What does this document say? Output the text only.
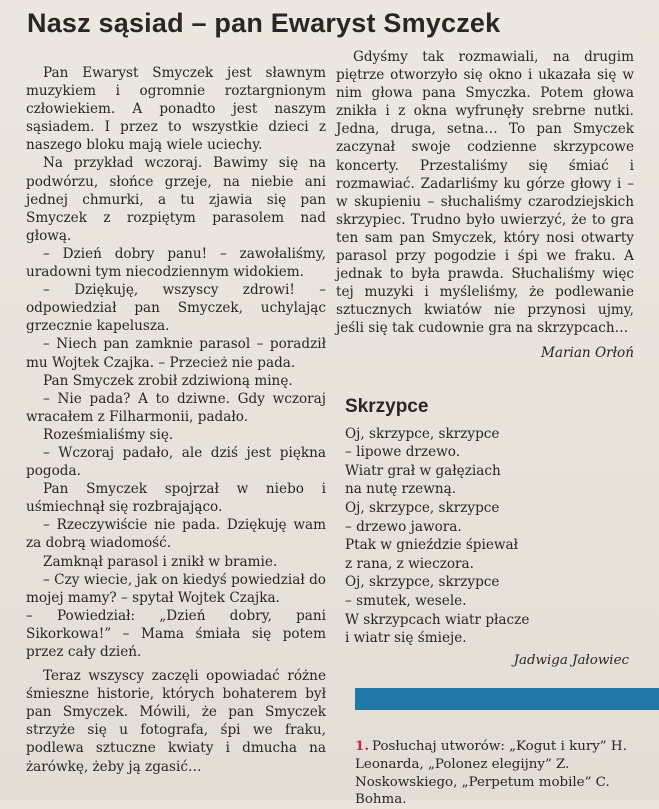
Nasz sąsiad – pan Ewaryst Smyczek

Pan Ewaryst Smyczek jest sławnym muzykiem i ogromnie roztargnionym człowiekiem. A ponadto jest naszym sąsiadem. I przez to wszystkie dzieci z naszego bloku mają wiele uciechy.

Na przykład wczoraj. Bawimy się na podwórzu, słońce grzeje, na niebie ani jednej chmurki, a tu zjawia się pan Smyczek z rozpiętym parasolem nad głową.

– Dzień dobry panu! – zawołaliśmy, uradowni tym niecodziennym widokiem.

– Dziękuję, wszyscy zdrowi! – odpowiedział pan Smyczek, uchylając grzecznie kapelusza.

– Niech pan zamknie parasol – poradził mu Wojtek Czajka. – Przecież nie pada.

Pan Smyczek zrobił zdziwioną minę.

– Nie pada? A to dziwne. Gdy wczoraj wracałem z Filharmonii, padało.

Roześmialiśmy się.

– Wczoraj padało, ale dziś jest piękna pogoda.

Pan Smyczek spojrzał w niebo i uśmiechnął się rozbrajająco.

– Rzeczywiście nie pada. Dziękuję wam za dobrą wiadomość.

Zamknął parasol i znikł w bramie.

– Czy wiecie, jak on kiedyś powiedział do mojej mamy? – spytał Wojtek Czajka.

– Powiedział: „Dzień dobry, pani Sikorkowa!” – Mama śmiała się potem przez cały dzień.

Teraz wszyscy zaczęli opowiadać różne śmieszne historie, których bohaterem był pan Smyczek. Mówili, że pan Smyczek strzyże się u fotografa, śpi we fraku, podlewa sztuczne kwiaty i dmucha na żarówkę, żeby ją zgasić…

Gdyśmy tak rozmawiali, na drugim piętrze otworzyło się okno i ukazała się w nim głowa pana Smyczka. Potem głowa znikła i z okna wyfrunęły srebrne nutki. Jedna, druga, setna… To pan Smyczek zaczynał swoje codzienne skrzypcowe koncerty. Przestaliśmy się śmiać i rozmawiać. Zadarliśmy ku górze głowy i – w skupieniu – słuchaliśmy czarodziejskich skrzypiec. Trudno było uwierzyć, że to gra ten sam pan Smyczek, który nosi otwarty parasol przy pogodzie i śpi we fraku. A jednak to była prawda. Słuchaliśmy więc tej muzyki i myśleliśmy, że podlewanie sztucznych kwiatów nie przynosi ujmy, jeśli się tak cudownie gra na skrzypcach…

Marian Orłoń
Skrzypce
Oj, skrzypce, skrzypce
– lipowe drzewo.
Wiatr grał w gałęziach
na nutę rzewną.
Oj, skrzypce, skrzypce
– drzewo jawora.
Ptak w gnieździe śpiewał
z rana, z wieczora.
Oj, skrzypce, skrzypce
– smutek, wesele.
W skrzypcach wiatr płacze
i wiatr się śmieje.
Jadwiga Jałowiec
1. Posłuchaj utworów: „Kogut i kury” H. Leonarda, „Polonez elegijny” Z. Noskowskiego, „Perpetum mobile” C. Bohma.
